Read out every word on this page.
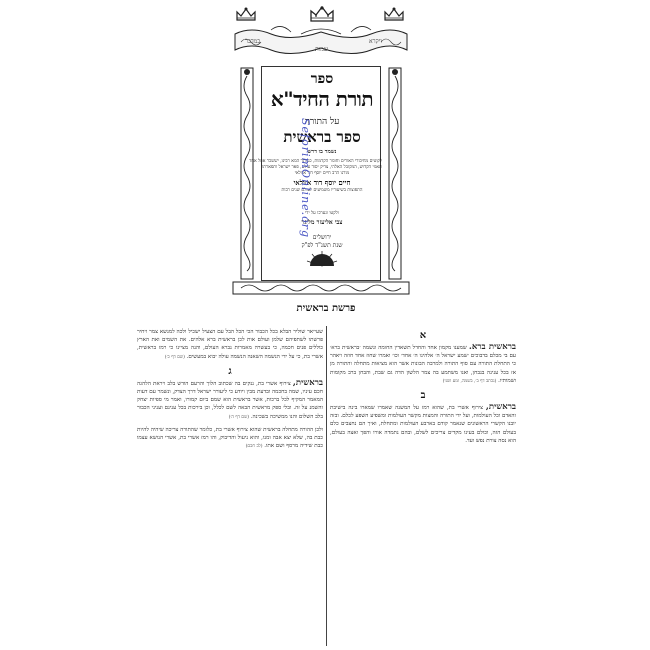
במדבר	ויקרא
שמות
ספר
תורת החיד"א
על התורה
ספר בראשית
נשמר בו דרש
לקוטים מחיבורי האורים וחומר הקדמות, כמותר המא רבינו, יששכר אוזל אחד
תאמי הקדוש, המקובל האלהי, צדיק יסוד עולם, פאר ישראל ותפארתו
מורנו הרב חיים יוסף דוד אזולאי
חיים יוסף דוד אזולאי
התפוצות בשיעוריו משמיעים לעולם שנים רבות
ולקטו ונערכו על ידי
צבי אליעזר מליגר
ירושלים
שנת תשנ"ד לפ"ק
SeforimOnline.org
פרשת בראשית
א

בראשית ברא. שמענו מקמון אחד והחדל תשאדין החומה ונשמה ׳בראשית ברא׳ עם בי מכלם בדבוכים ׳שמע ישראל ה׳ אלהינו ה׳ אחד׳ וכו׳ ואמרו שחוז אחד חוזה ויאהר כי התחלת התורה עם סוף התורה ולמרבה הבונות אשר הוא מציאות מתחלה והתורה מן אז בכל ענינה בנבחן, ואנו משתמע בה צמר הלשון הדה גם שבת, והבחן ברב מקומות ושמותיו. (נכתב דף ב׳, בשמה, ומע ושני)

ב

בראשית, צירוף אשרי בת, שהוא רמז על המשנה שאמרו שמארו בינה בישיבת והאדם וכל העולמות, ועל ידי התורה והמצות מקשר העולמות ומשפיע השפע לכלם. ובזה יובנו הקשרי הראשונים שנאמר קודם בארבע העולמות ומתחלת, ואיך הם נחצבים כלם בעולם הזה, וכולם בעינו מקדים צריכים לשלם, ובהם נתמדה אורו והפך ואצה בעולם, הוא נסה צורת נפש ועד.

שעייאר שוליר הבלא בכל הכבור הכי הכל הבל עם הצעיל ישכיל ולכה למנשא צמר ויחיר פרשתו לשתפיהם שלמן ועולם אות לכן בראשית ברא אלהים. את השמים ואת הארץ כוללים פנים חכמה, כי בעשרה מאמרות נברא העולם, והנה מציינו כי רמז בראשית, אשרי בת, כי על ידי הנשמה השאנה הנשמה עולה יבוא במעשים. (שם דף כ׳)

ג

בראשית, צירוף אשרי בת, ננקים בה שכתוב הלוך והרעם הודש בלב ויראת הלהגה חכם עיניו, שמה בחכמה ובדעת מבין ויודע כי ליעורר ישראל דרך הצדק, ונשמר עם דעות המאמר המקיף לכל ברכות, אשר בראשית הוא שמם ביום קמורו, ואמר מי ספיות יצחק והשמנ על זה. ובלי ספק מראשית הבאה לשם לכלל, וכן בירכות בכל ענינם ועניני הכבור בלב השלום והנו ממשיכה בשכינה. (שם דף ה׳)

ולכן ההורה מתחלה בראשית שהוא צירוף אשרי בת, כלומר שהתורה צריכה שיהיה להיות כבת בה, שלא יצא אבה ומנו, והוא ניעול והדיבוק, והו רמז אשרי בת, אשרי הנושא עצמו כבת שידיה מרסף ושם אתו. (לב חכם)
